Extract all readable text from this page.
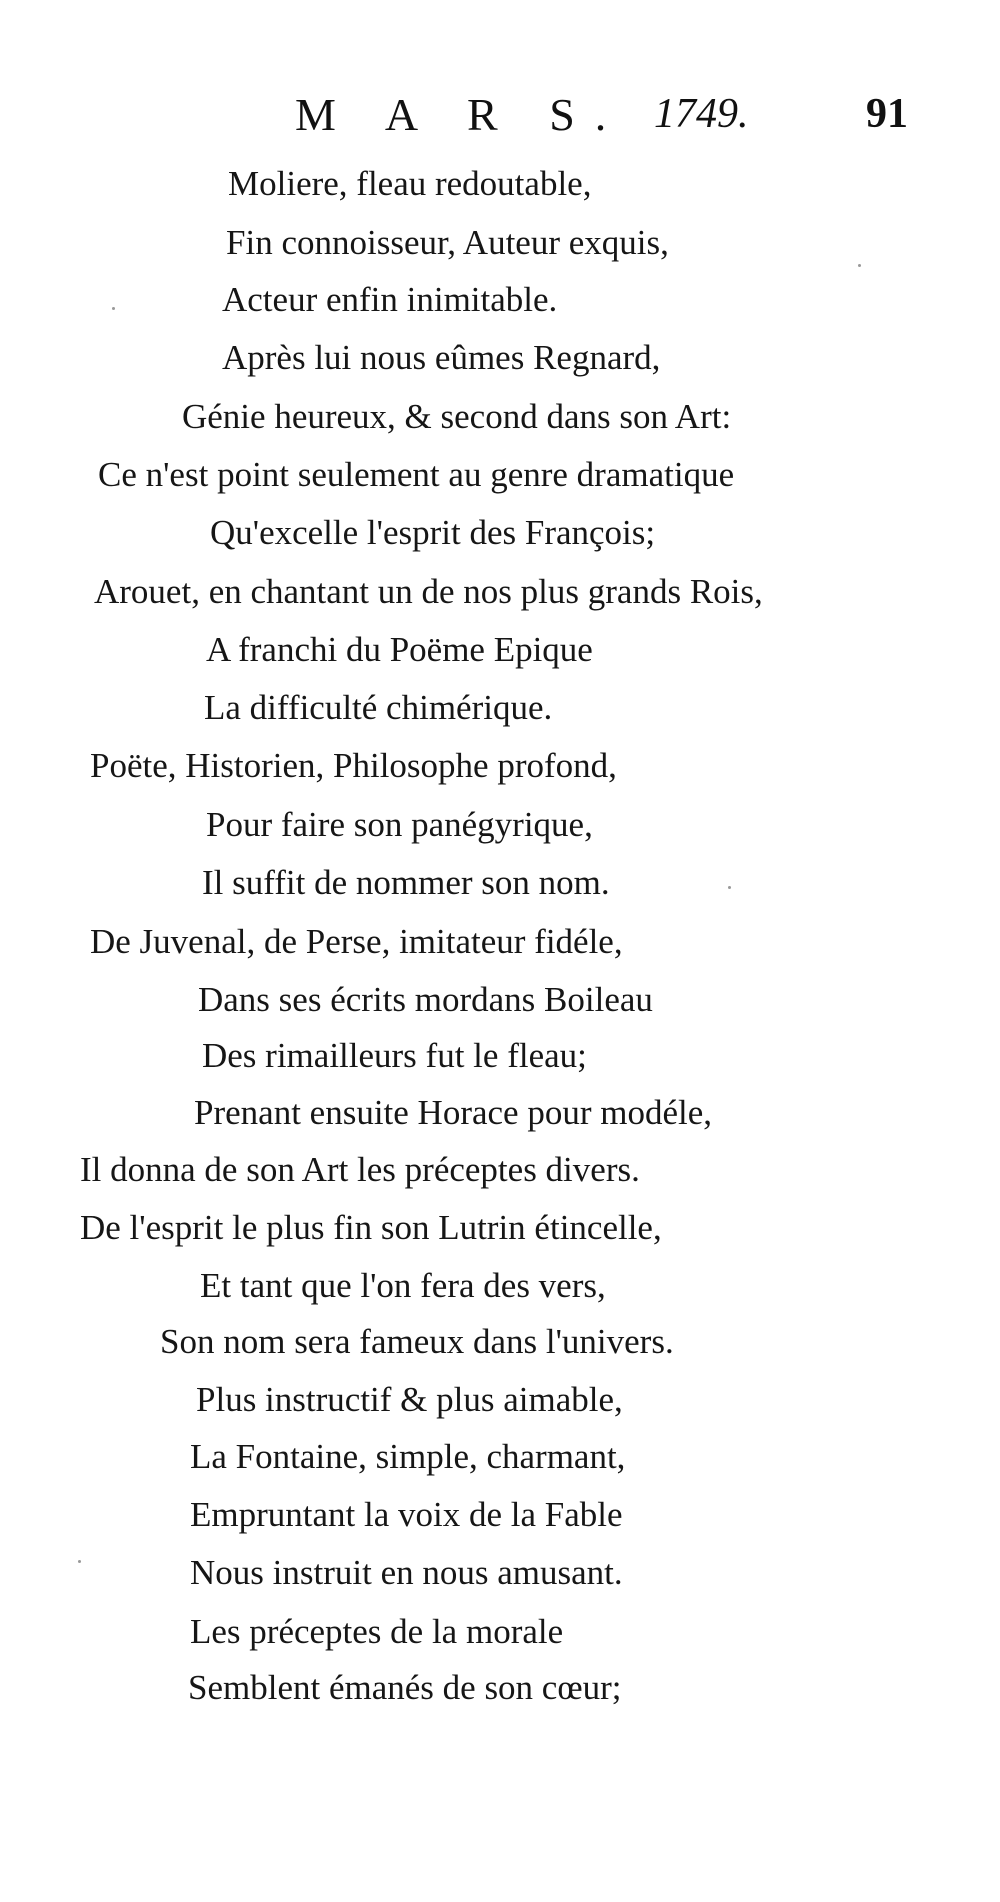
M A R S. 1749.	91
Moliere, fleau redoutable,
Fin connoisseur, Auteur exquis,
Acteur enfin inimitable.
Après lui nous eûmes Regnard,
Génie heureux, & second dans son Art:
Ce n'est point seulement au genre dramatique
Qu'excelle l'esprit des François;
Arouet, en chantant un de nos plus grands Rois,
A franchi du Poëme Epique
La difficulté chimérique.
Poëte, Historien, Philosophe profond,
Pour faire son panégyrique,
Il suffit de nommer son nom.
De Juvenal, de Perse, imitateur fidéle,
Dans ses écrits mordans Boileau
Des rimailleurs fut le fleau;
Prenant ensuite Horace pour modéle,
Il donna de son Art les préceptes divers.
De l'esprit le plus fin son Lutrin étincelle,
Et tant que l'on fera des vers,
Son nom sera fameux dans l'univers.
Plus instructif & plus aimable,
La Fontaine, simple, charmant,
Empruntant la voix de la Fable
Nous instruit en nous amusant.
Les préceptes de la morale
Semblent émanés de son cœur;
